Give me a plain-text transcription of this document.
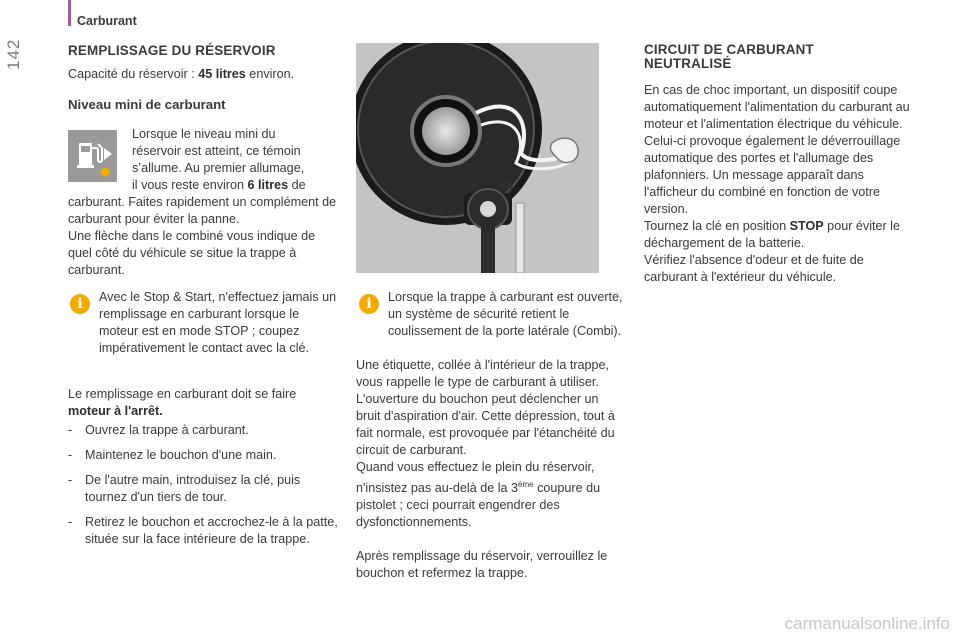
Carburant
142	REMPLISSAGE DU RÉSERVOIR

Capacité du réservoir : 45 litres environ.

Niveau mini de carburant

Lorsque le niveau mini du

réservoir est atteint, ce témoin

s’allume. Au premier allumage,

il vous reste environ 6 litres de

carburant. Faites rapidement un complément de carburant pour éviter la panne.

Une flèche dans le combiné vous indique de quel côté du véhicule se situe la trappe à carburant.

i	Avec le Stop & Start, n'effectuez jamais un remplissage en carburant lorsque le moteur est en mode STOP ; coupez impérativement le contact avec la clé.

Le remplissage en carburant doit se faire

moteur à l'arrêt.

- Ouvrez la trappe à carburant.
- Maintenez le bouchon d'une main.
- De l'autre main, introduisez la clé, puis tournez d'un tiers de tour.
- Retirez le bouchon et accrochez-le à la patte, située sur la face intérieure de la trappe.
i	Lorsque la trappe à carburant est ouverte, un système de sécurité retient le coulissement de la porte latérale (Combi).

Une étiquette, collée à l'intérieur de la trappe, vous rappelle le type de carburant à utiliser.

L'ouverture du bouchon peut déclencher un bruit d'aspiration d'air. Cette dépression, tout à fait normale, est provoquée par l'étanchéité du circuit de carburant.

Quand vous effectuez le plein du réservoir, n'insistez pas au-delà de la 3ème coupure du pistolet ; ceci pourrait engendrer des dysfonctionnements.

Après remplissage du réservoir, verrouillez le bouchon et refermez la trappe.

CIRCUIT DE CARBURANT
NEUTRALISÉ

En cas de choc important, un dispositif coupe automatiquement l'alimentation du carburant au moteur et l'alimentation électrique du véhicule.

Celui-ci provoque également le déverrouillage automatique des portes et l'allumage des plafonniers. Un message apparaît dans l'afficheur du combiné en fonction de votre version.

Tournez la clé en position STOP pour éviter le déchargement de la batterie.

Vérifiez l'absence d'odeur et de fuite de carburant à l'extérieur du véhicule.

carmanualsonline.info
